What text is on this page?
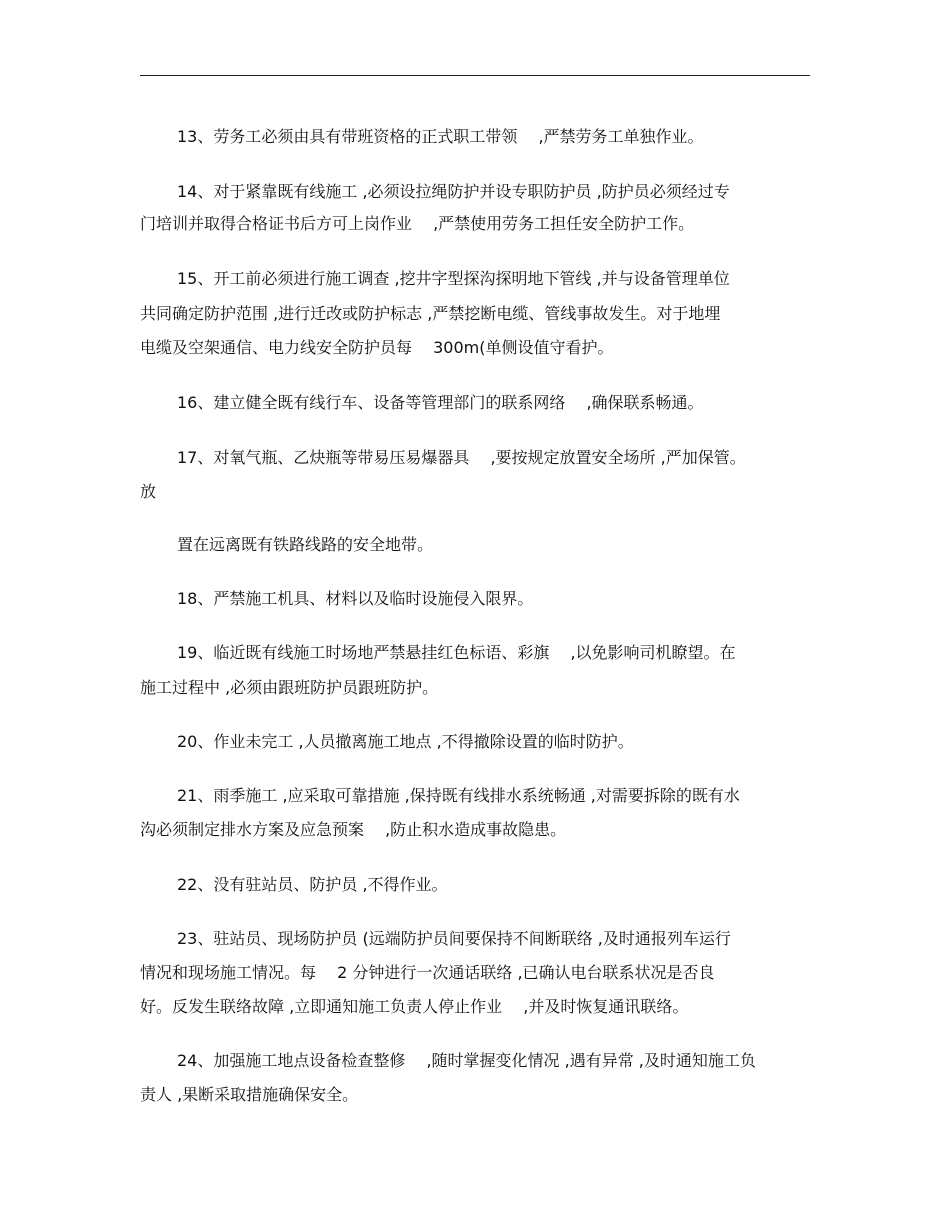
13、劳务工必须由具有带班资格的正式职工带领　 ,严禁劳务工单独作业。
14、对于紧靠既有线施工 ,必须设拉绳防护并设专职防护员 ,防护员必须经过专
门培训并取得合格证书后方可上岗作业　 ,严禁使用劳务工担任安全防护工作。
15、开工前必须进行施工调查 ,挖井字型探沟探明地下管线 ,并与设备管理单位
共同确定防护范围 ,进行迁改或防护标志 ,严禁挖断电缆、管线事故发生。对于地埋
电缆及空架通信、电力线安全防护员每　 300m(单侧设值守看护。
16、建立健全既有线行车、设备等管理部门的联系网络　 ,确保联系畅通。
17、对氧气瓶、乙炔瓶等带易压易爆器具　 ,要按规定放置安全场所 ,严加保管。
放
置在远离既有铁路线路的安全地带。
18、严禁施工机具、材料以及临时设施侵入限界。
19、临近既有线施工时场地严禁悬挂红色标语、彩旗　 ,以免影响司机瞭望。在
施工过程中 ,必须由跟班防护员跟班防护。
20、作业未完工 ,人员撤离施工地点 ,不得撤除设置的临时防护。
21、雨季施工 ,应采取可靠措施 ,保持既有线排水系统畅通 ,对需要拆除的既有水
沟必须制定排水方案及应急预案　 ,防止积水造成事故隐患。
22、没有驻站员、防护员 ,不得作业。
23、驻站员、现场防护员 (远端防护员间要保持不间断联络 ,及时通报列车运行
情况和现场施工情况。每　 2 分钟进行一次通话联络 ,已确认电台联系状况是否良
好。反发生联络故障 ,立即通知施工负责人停止作业　 ,并及时恢复通讯联络。
24、加强施工地点设备检查整修　 ,随时掌握变化情况 ,遇有异常 ,及时通知施工负
责人 ,果断采取措施确保安全。
